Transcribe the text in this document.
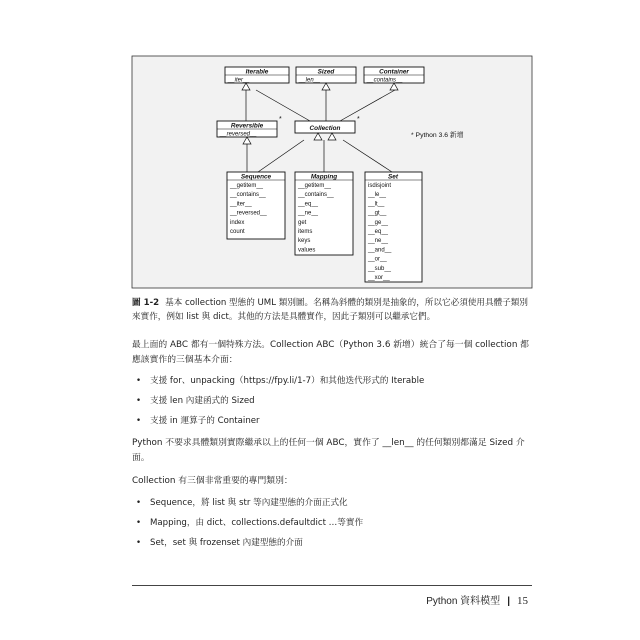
Iterable	Sized	Container
Reversible	Collection
Sequence	Mapping	Set
__iter__	__len__	__contains__
__reversed__
*	*
__getitem__
__contains__
__iter__
__reversed__
index
count
__getitem__
__contains__
__eq__
__ne__
get
items
keys
values
isdisjoint
__le__
__lt__
__gt__
__ge__
__eq__
__ne__
__and__
__or__
__sub__
__xor__
* Python 3.6 新增
圖 1-2 基本 collection 型態的 UML 類別圖。名稱為斜體的類別是抽象的，所以它必須使用具體子類別來實作，例如 list 與 dict。其他的方法是具體實作，因此子類別可以繼承它們。
最上面的 ABC 都有一個特殊方法。Collection ABC（Python 3.6 新增）統合了每一個 collection 都應該實作的三個基本介面：
• 支援 for、unpacking（https://fpy.li/1-7）和其他迭代形式的 Iterable
• 支援 len 內建函式的 Sized
• 支援 in 運算子的 Container
Python 不要求具體類別實際繼承以上的任何一個 ABC，實作了 __len__ 的任何類別都滿足 Sized 介面。
Collection 有三個非常重要的專門類別：
• Sequence，將 list 與 str 等內建型態的介面正式化
• Mapping，由 dict、collections.defaultdict …等實作
• Set，set 與 frozenset 內建型態的介面
Python 資料模型 | 15
